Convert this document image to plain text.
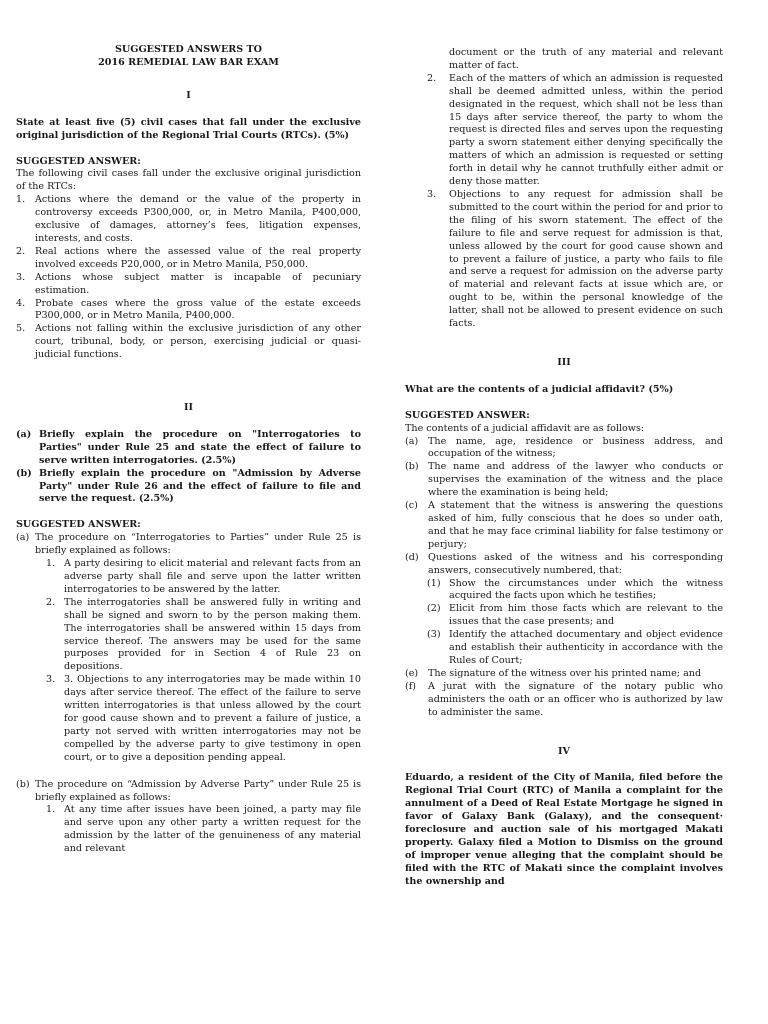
SUGGESTED ANSWERS TO

2016 REMEDIAL LAW BAR EXAM

I

State at least five (5) civil cases that fall under the exclusive original jurisdiction of the Regional Trial Courts (RTCs). (5%)

SUGGESTED ANSWER:

The following civil cases fall under the exclusive original jurisdiction of the RTCs:

1. Actions where the demand or the value of the property in controversy exceeds P300,000, or, in Metro Manila, P400,000, exclusive of damages, attorney’s fees, litigation expenses, interests, and costs.
2. Real actions where the assessed value of the real property involved exceeds P20,000, or in Metro Manila, P50,000.
3. Actions whose subject matter is incapable of pecuniary estimation.
4. Probate cases where the gross value of the estate exceeds P300,000, or in Metro Manila, P400,000.
5. Actions not falling within the exclusive jurisdiction of any other court, tribunal, body, or person, exercising judicial or quasi-judicial functions.

II

(a) Briefly explain the procedure on "Interrogatories to Parties" under Rule 25 and state the effect of failure to serve written interrogatories. (2.5%)
(b) Briefly explain the procedure on "Admission by Adverse Party" under Rule 26 and the effect of failure to file and serve the request. (2.5%)

SUGGESTED ANSWER:

(a) The procedure on “Interrogatories to Parties” under Rule 25 is briefly explained as follows:
1. A party desiring to elicit material and relevant facts from an adverse party shall file and serve upon the latter written interrogatories to be answered by the latter.
2. The interrogatories shall be answered fully in writing and shall be signed and sworn to by the person making them. The interrogatories shall be answered within 15 days from service thereof. The answers may be used for the same purposes provided for in Section 4 of Rule 23 on depositions.
3. 3. Objections to any interrogatories may be made within 10 days after service thereof. The effect of the failure to serve written interrogatories is that unless allowed by the court for good cause shown and to prevent a failure of justice, a party not served with written interrogatories may not be compelled by the adverse party to give testimony in open court, or to give a deposition pending appeal.
(b) The procedure on “Admission by Adverse Party” under Rule 25 is briefly explained as follows:
1. At any time after issues have been joined, a party may file and serve upon any other party a written request for the admission by the latter of the genuineness of any material and relevant

document or the truth of any material and relevant matter of fact.

2. Each of the matters of which an admission is requested shall be deemed admitted unless, within the period designated in the request, which shall not be less than 15 days after service thereof, the party to whom the request is directed files and serves upon the requesting party a sworn statement either denying specifically the matters of which an admission is requested or setting forth in detail why he cannot truthfully either admit or deny those matter.
3. Objections to any request for admission shall be submitted to the court within the period for and prior to the filing of his sworn statement. The effect of the failure to file and serve request for admission is that, unless allowed by the court for good cause shown and to prevent a failure of justice, a party who fails to file and serve a request for admission on the adverse party of material and relevant facts at issue which are, or ought to be, within the personal knowledge of the latter, shall not be allowed to present evidence on such facts.

III

What are the contents of a judicial affidavit? (5%)

SUGGESTED ANSWER:

The contents of a judicial affidavit are as follows:

(a) The name, age, residence or business address, and occupation of the witness;
(b) The name and address of the lawyer who conducts or supervises the examination of the witness and the place where the examination is being held;
(c) A statement that the witness is answering the questions asked of him, fully conscious that he does so under oath, and that he may face criminal liability for false testimony or perjury;
(d) Questions asked of the witness and his corresponding answers, consecutively numbered, that:
(1) Show the circumstances under which the witness acquired the facts upon which he testifies;
(2) Elicit from him those facts which are relevant to the issues that the case presents; and
(3) Identify the attached documentary and object evidence and establish their authenticity in accordance with the Rules of Court;
(e) The signature of the witness over his printed name; and
(f) A jurat with the signature of the notary public who administers the oath or an officer who is authorized by law to administer the same.

IV

Eduardo, a resident of the City of Manila, filed before the Regional Trial Court (RTC) of Manila a complaint for the annulment of a Deed of Real Estate Mortgage he signed in favor of Galaxy Bank (Galaxy), and the consequent· foreclosure and auction sale of his mortgaged Makati property. Galaxy filed a Motion to Dismiss on the ground of improper venue alleging that the complaint should be filed with the RTC of Makati since the complaint involves the ownership and
